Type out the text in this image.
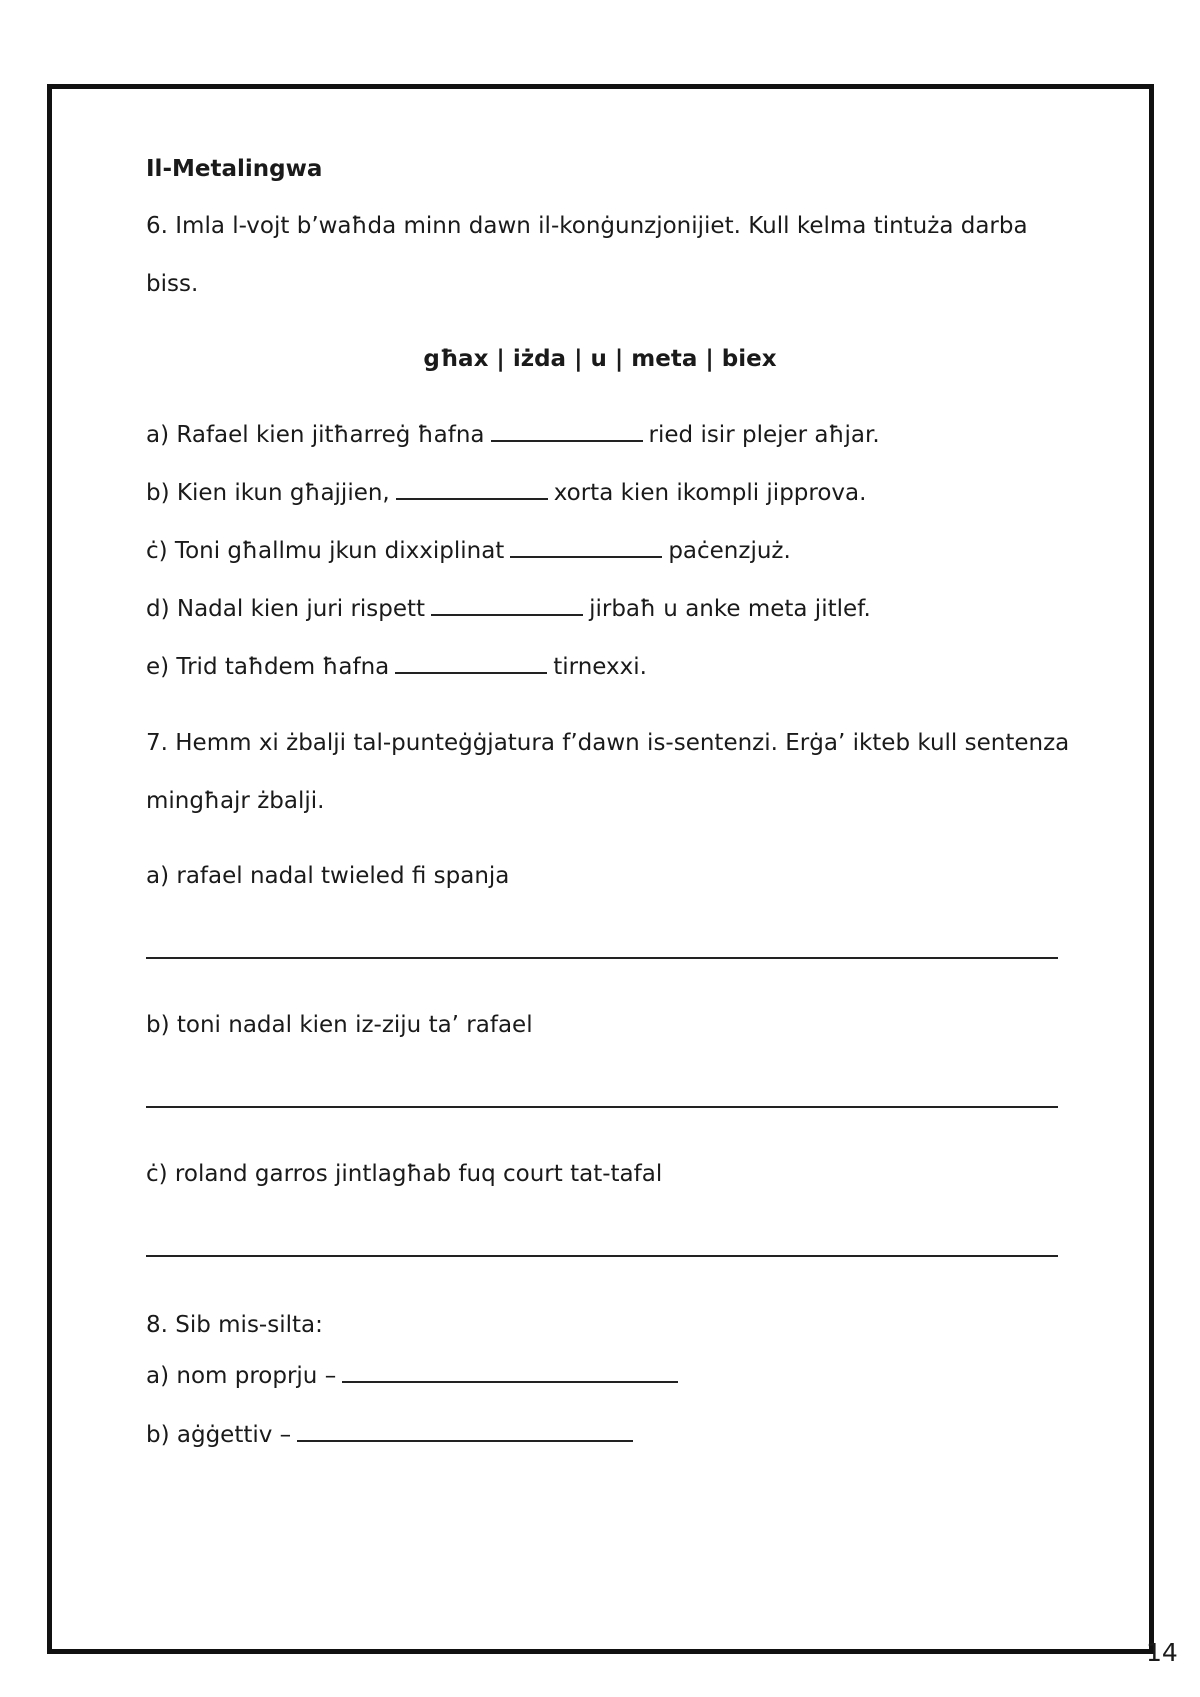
Il-Metalingwa
6. Imla l-vojt b’waħda minn dawn il-konġunzjonijiet. Kull kelma tintuża darba
biss.
għax | iżda | u | meta | biex
a) Rafael kien jitħarreġ ħafna	ried isir plejer aħjar.
b) Kien ikun għajjien,	xorta kien ikompli jipprova.
ċ) Toni għallmu jkun dixxiplinat	paċenzjuż.
d) Nadal kien juri rispett	jirbaħ u anke meta jitlef.
e) Trid taħdem ħafna	tirnexxi.
7. Hemm xi żbalji tal-punteġġjatura f’dawn is-sentenzi. Erġa’ ikteb kull sentenza
mingħajr żbalji.
a) rafael nadal twieled fi spanja
b) toni nadal kien iz-ziju ta’ rafael
ċ) roland garros jintlagħab fuq court tat-tafal
8. Sib mis-silta:
a) nom proprju –
b) aġġettiv –
14
